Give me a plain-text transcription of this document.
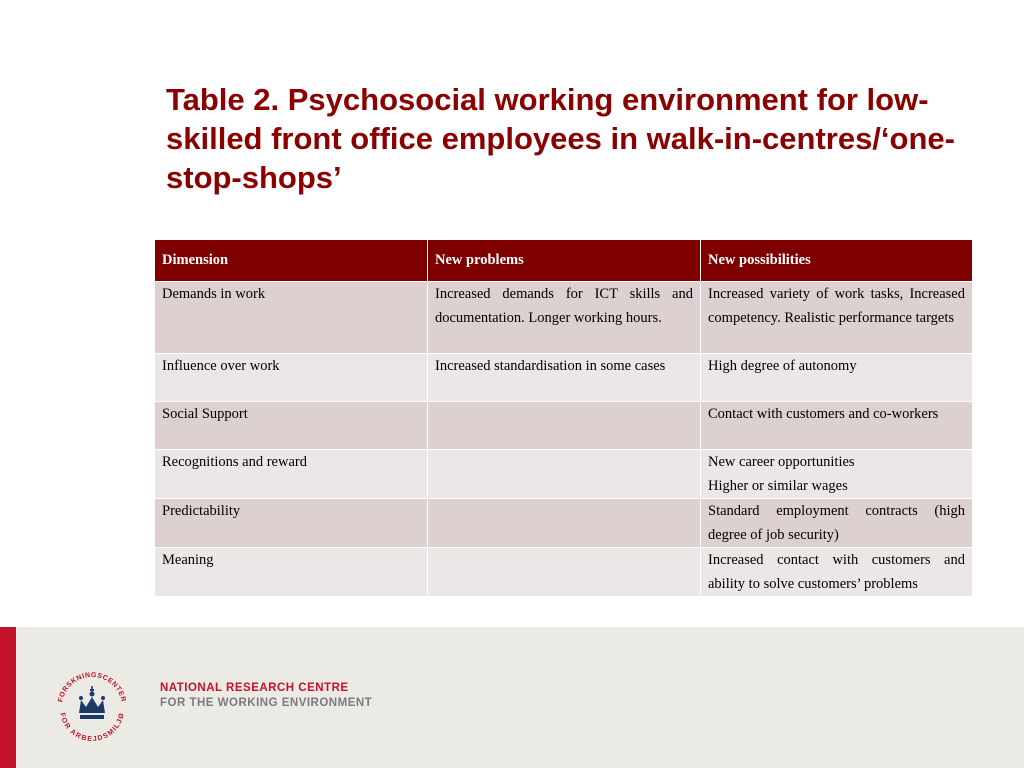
Table 2. Psychosocial working environment for low-skilled front office employees in walk-in-centres/‘one-stop-shops’
Dimension	New problems	New possibilities
Demands in work	Increased demands for ICT skills and documentation. Longer working hours.	Increased variety of work tasks, Increased competency. Realistic performance targets
Influence over work	Increased standardisation in some cases	High degree of autonomy
Social Support		Contact with customers and co-workers
Recognitions and reward		New career opportunities
Higher or similar wages

Predictability		Standard employment contracts (high degree of job security)
Meaning		Increased contact with customers and ability to solve customers’ problems
FORSKNINGSCENTER
FOR ARBEJDSMILJØ
NATIONAL RESEARCH CENTRE
FOR THE WORKING ENVIRONMENT
